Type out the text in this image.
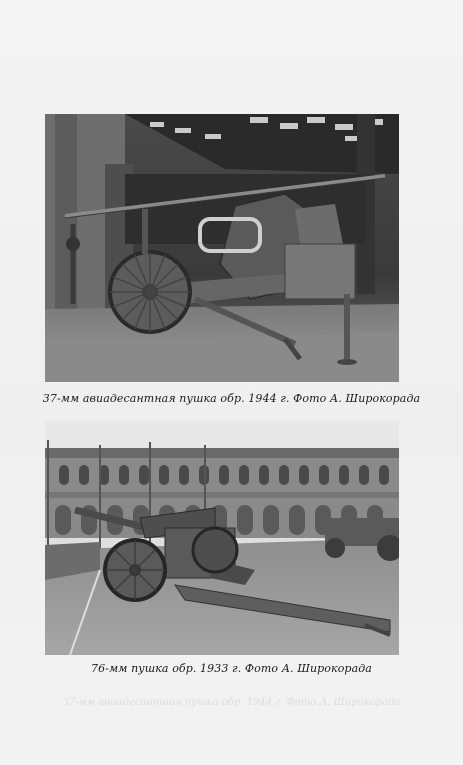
37-мм авиадесантная пушка обр. 1944 г. Фото А. Широкорада
76-мм пушка обр. 1933 г. Фото А. Широкорада
37-мм авиадесантная пушка обр. 1944 г. Фото А. Широкорада
